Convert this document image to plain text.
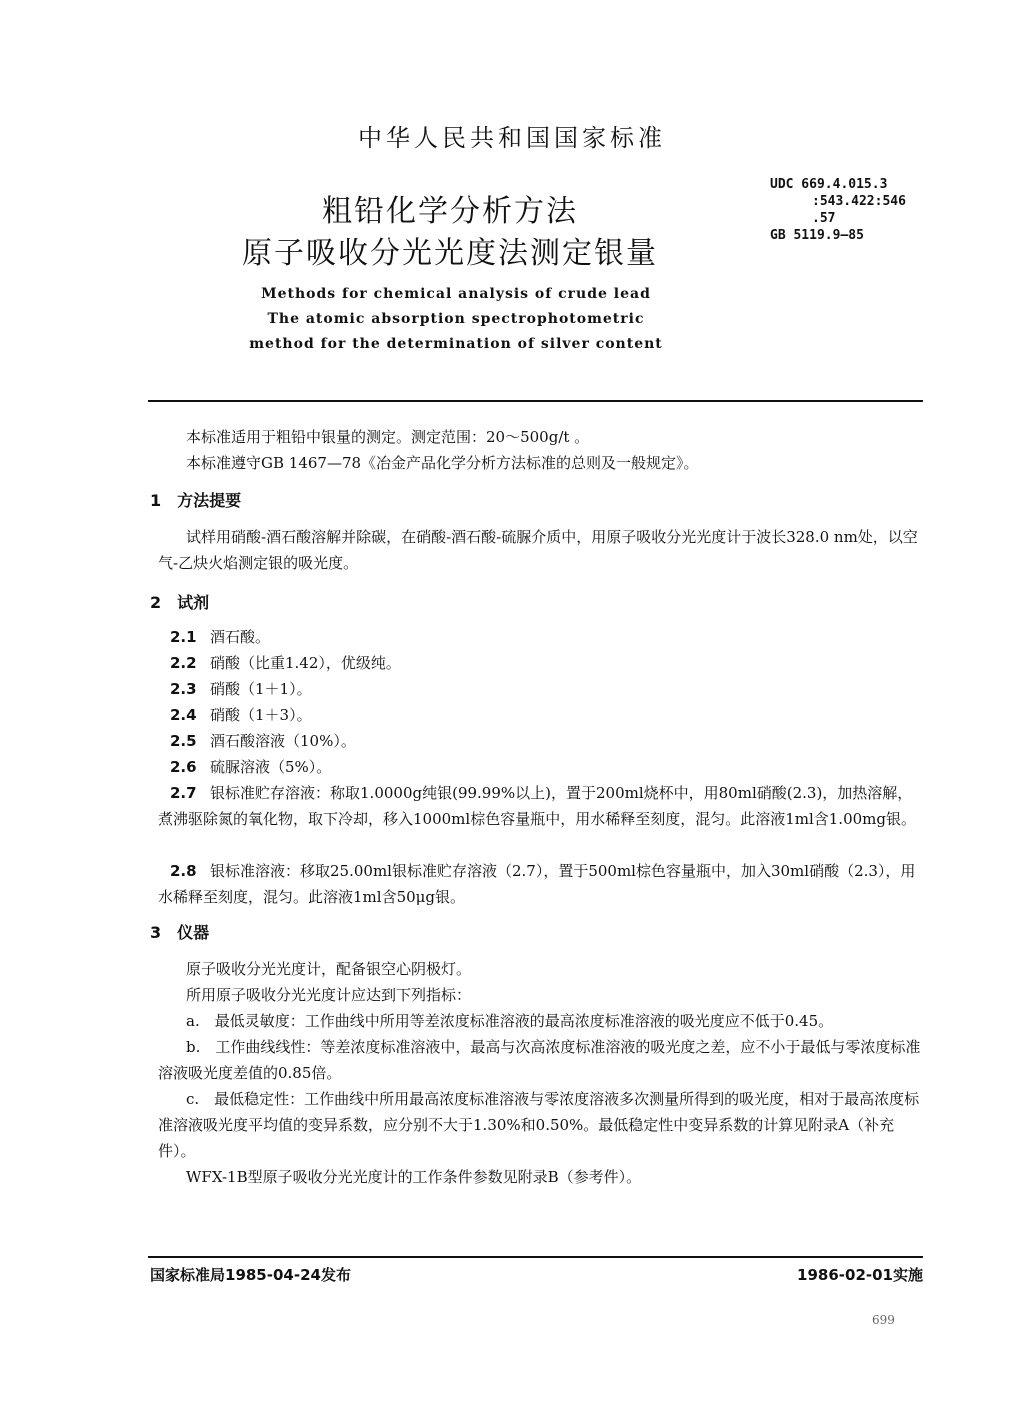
中华人民共和国国家标准
粗铅化学分析方法
原子吸收分光光度法测定银量
UDC 669.4.015.3
:543.422:546
.57
GB 5119.9—85
Methods for chemical analysis of crude lead
The atomic absorption spectrophotometric
method for the determination of silver content
本标准适用于粗铅中银量的测定。测定范围：20～500g/t 。
本标准遵守GB 1467—78《冶金产品化学分析方法标准的总则及一般规定》。
1　方法提要
试样用硝酸-酒石酸溶解并除碳，在硝酸-酒石酸-硫脲介质中，用原子吸收分光光度计于波长328.0 nm处，以空气-乙炔火焰测定银的吸光度。
2　试剂
2.1 酒石酸。
2.2 硝酸（比重1.42），优级纯。
2.3 硝酸（1＋1）。
2.4 硝酸（1＋3）。
2.5 酒石酸溶液（10%）。
2.6 硫脲溶液（5%）。
2.7 银标准贮存溶液：称取1.0000g纯银(99.99%以上)，置于200ml烧杯中，用80ml硝酸(2.3)，加热溶解，煮沸驱除氮的氧化物，取下冷却，移入1000ml棕色容量瓶中，用水稀释至刻度，混匀。此溶液1ml含1.00mg银。
2.8 银标准溶液：移取25.00ml银标准贮存溶液（2.7），置于500ml棕色容量瓶中，加入30ml硝酸（2.3），用水稀释至刻度，混匀。此溶液1ml含50μg银。
3　仪器
原子吸收分光光度计，配备银空心阴极灯。
所用原子吸收分光光度计应达到下列指标：
a.　最低灵敏度：工作曲线中所用等差浓度标准溶液的最高浓度标准溶液的吸光度应不低于0.45。
b.　工作曲线线性：等差浓度标准溶液中，最高与次高浓度标准溶液的吸光度之差，应不小于最低与零浓度标准溶液吸光度差值的0.85倍。
c.　最低稳定性：工作曲线中所用最高浓度标准溶液与零浓度溶液多次测量所得到的吸光度，相对于最高浓度标准溶液吸光度平均值的变异系数，应分别不大于1.30%和0.50%。最低稳定性中变异系数的计算见附录A（补充件）。
WFX-1B型原子吸收分光光度计的工作条件参数见附录B（参考件）。
国家标准局1985-04-24发布	1986-02-01实施
699
